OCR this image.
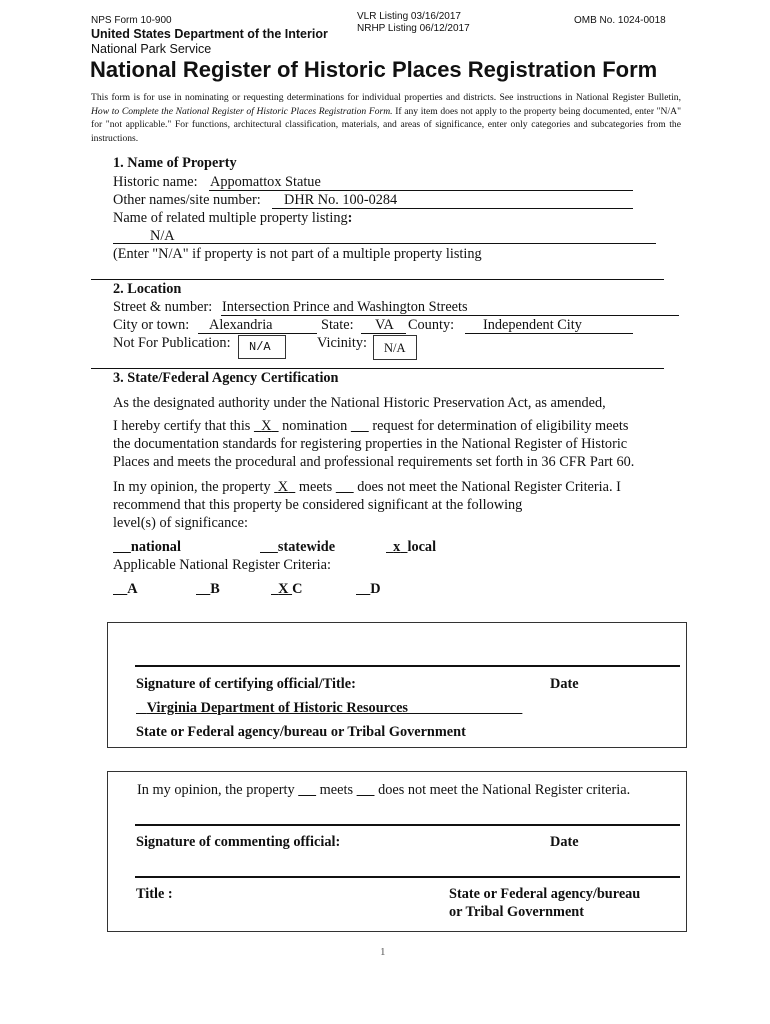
NPS Form 10-900
United States Department of the Interior
National Park Service
VLR Listing 03/16/2017
NRHP Listing 06/12/2017
OMB No. 1024-0018
National Register of Historic Places Registration Form
This form is for use in nominating or requesting determinations for individual properties and districts. See instructions in National Register Bulletin, How to Complete the National Register of Historic Places Registration Form. If any item does not apply to the property being documented, enter "N/A" for "not applicable." For functions, architectural classification, materials, and areas of significance, enter only categories and subcategories from the instructions.
1. Name of Property
Historic name: Appomattox Statue
Other names/site number: DHR No. 100-0284
Name of related multiple property listing:
N/A
(Enter "N/A" if property is not part of a multiple property listing
2. Location
Street & number: Intersection Prince and Washington Streets
City or town: Alexandria	State: VA County: Independent City
Not For Publication: N/A	Vicinity: N/A
3. State/Federal Agency Certification
As the designated authority under the National Historic Preservation Act, as amended,
I hereby certify that this X nomination request for determination of eligibility meets
the documentation standards for registering properties in the National Register of Historic
Places and meets the procedural and professional requirements set forth in 36 CFR Part 60.
In my opinion, the property X meets does not meet the National Register Criteria. I
recommend that this property be considered significant at the following
level(s) of significance:
national	statewide	x local
Applicable National Register Criteria:
A	B	X C	D
Signature of certifying official/Title:	Date
Virginia Department of Historic Resources
State or Federal agency/bureau or Tribal Government
In my opinion, the property meets does not meet the National Register criteria.
Signature of commenting official:	Date
Title :	State or Federal agency/bureau
or Tribal Government
1
